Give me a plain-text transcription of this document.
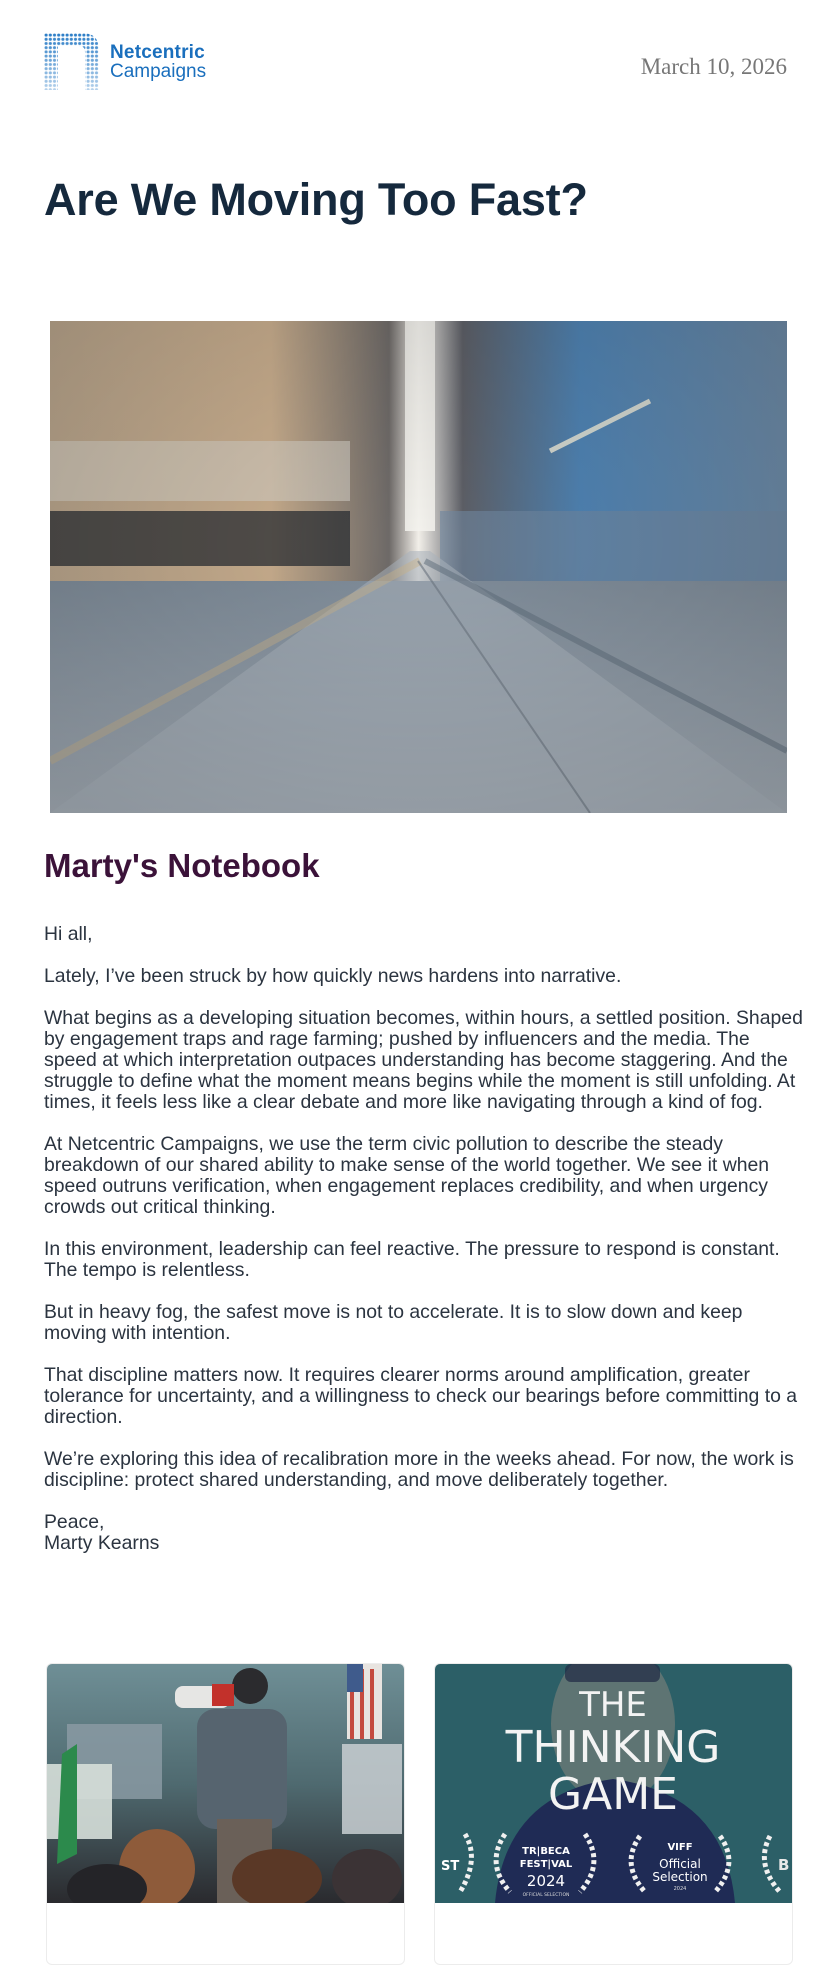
Netcentric
Campaigns	March 10, 2026
Are We Moving Too Fast?
Marty's Notebook

Hi all,

Lately, I’ve been struck by how quickly news hardens into narrative.

What begins as a developing situation becomes, within hours, a settled position. Shaped by engagement traps and rage farming; pushed by influencers and the media. The speed at which interpretation outpaces understanding has become staggering. And the struggle to define what the moment means begins while the moment is still unfolding. At times, it feels less like a clear debate and more like navigating through a kind of fog.

At Netcentric Campaigns, we use the term civic pollution to describe the steady breakdown of our shared ability to make sense of the world together. We see it when speed outruns verification, when engagement replaces credibility, and when urgency crowds out critical thinking.

In this environment, leadership can feel reactive. The pressure to respond is constant. The tempo is relentless.

But in heavy fog, the safest move is not to accelerate. It is to slow down and keep moving with intention.

That discipline matters now. It requires clearer norms around amplification, greater tolerance for uncertainty, and a willingness to check our bearings before committing to a direction.

We’re exploring this idea of recalibration more in the weeks ahead. For now, the work is discipline: protect shared understanding, and move deliberately together.

Peace,
Marty Kearns
THE
THINKING
GAME
TR|BECA
FEST|VAL
2024
OFFICIAL SELECTION
VIFF
Official
Selection
2024
ST	B
